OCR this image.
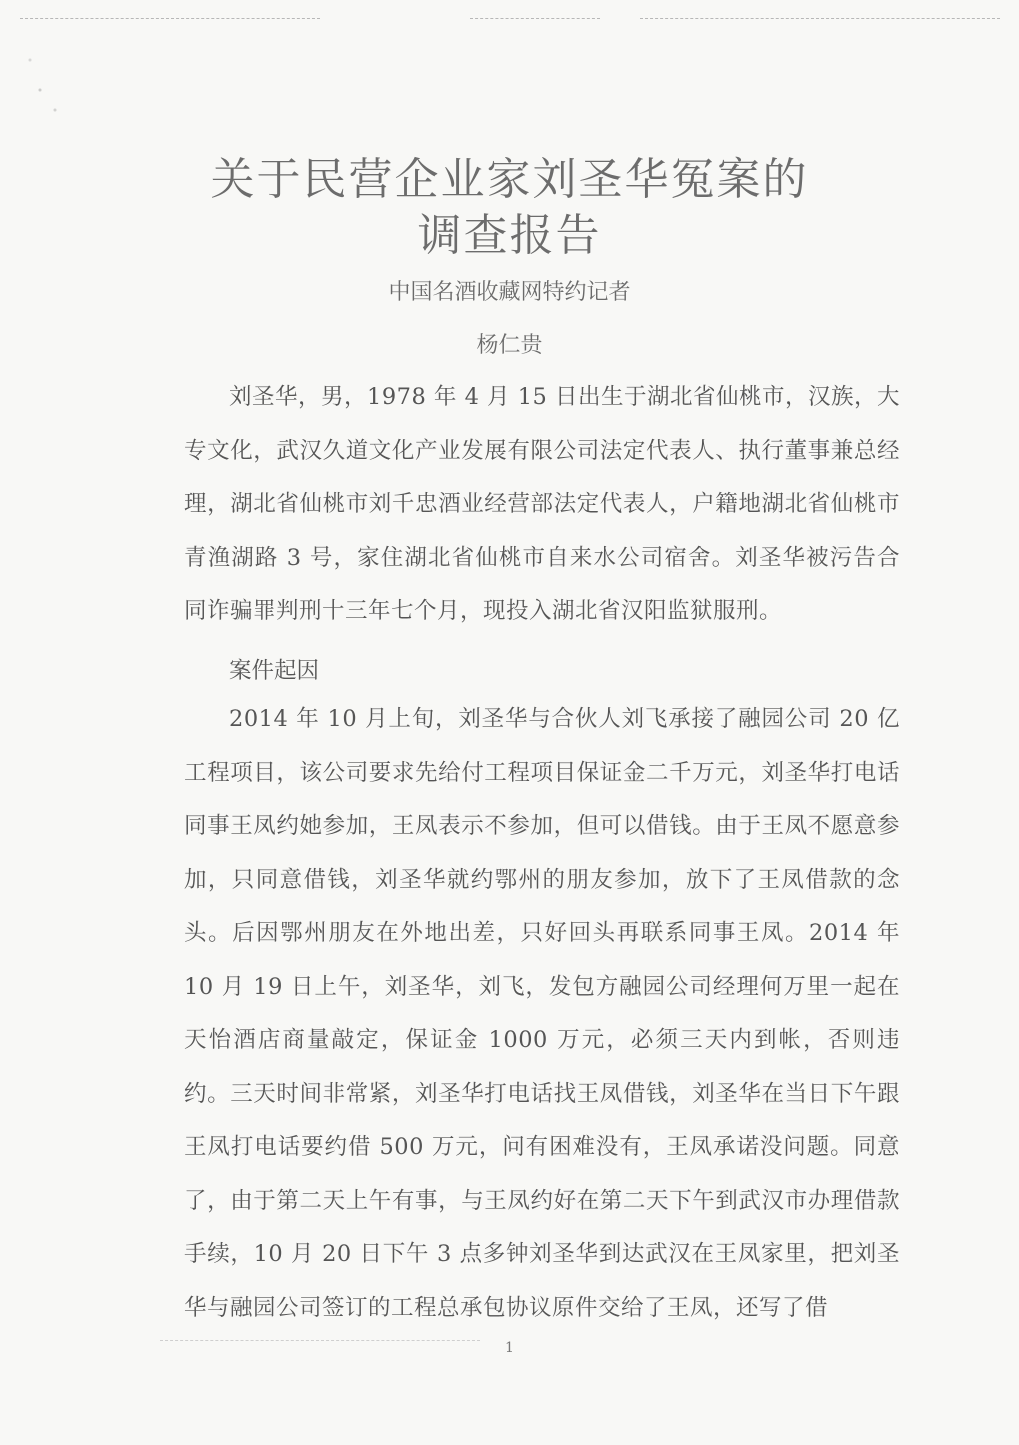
关于民营企业家刘圣华冤案的
调查报告
中国名酒收藏网特约记者
杨仁贵

刘圣华，男，1978 年 4 月 15 日出生于湖北省仙桃市，汉族，大专文化，武汉久道文化产业发展有限公司法定代表人、执行董事兼总经理，湖北省仙桃市刘千忠酒业经营部法定代表人，户籍地湖北省仙桃市青渔湖路 3 号，家住湖北省仙桃市自来水公司宿舍。刘圣华被污告合同诈骗罪判刑十三年七个月，现投入湖北省汉阳监狱服刑。

案件起因

2014 年 10 月上旬，刘圣华与合伙人刘飞承接了融园公司 20 亿工程项目，该公司要求先给付工程项目保证金二千万元，刘圣华打电话同事王凤约她参加，王凤表示不参加，但可以借钱。由于王凤不愿意参加，只同意借钱，刘圣华就约鄂州的朋友参加，放下了王凤借款的念头。后因鄂州朋友在外地出差，只好回头再联系同事王凤。2014 年 10 月 19 日上午，刘圣华，刘飞，发包方融园公司经理何万里一起在天怡酒店商量敲定，保证金 1000 万元，必须三天内到帐，否则违约。三天时间非常紧，刘圣华打电话找王凤借钱，刘圣华在当日下午跟王凤打电话要约借 500 万元，问有困难没有，王凤承诺没问题。同意了，由于第二天上午有事，与王凤约好在第二天下午到武汉市办理借款手续，10 月 20 日下午 3 点多钟刘圣华到达武汉在王凤家里，把刘圣华与融园公司签订的工程总承包协议原件交给了王凤，还写了借

1
